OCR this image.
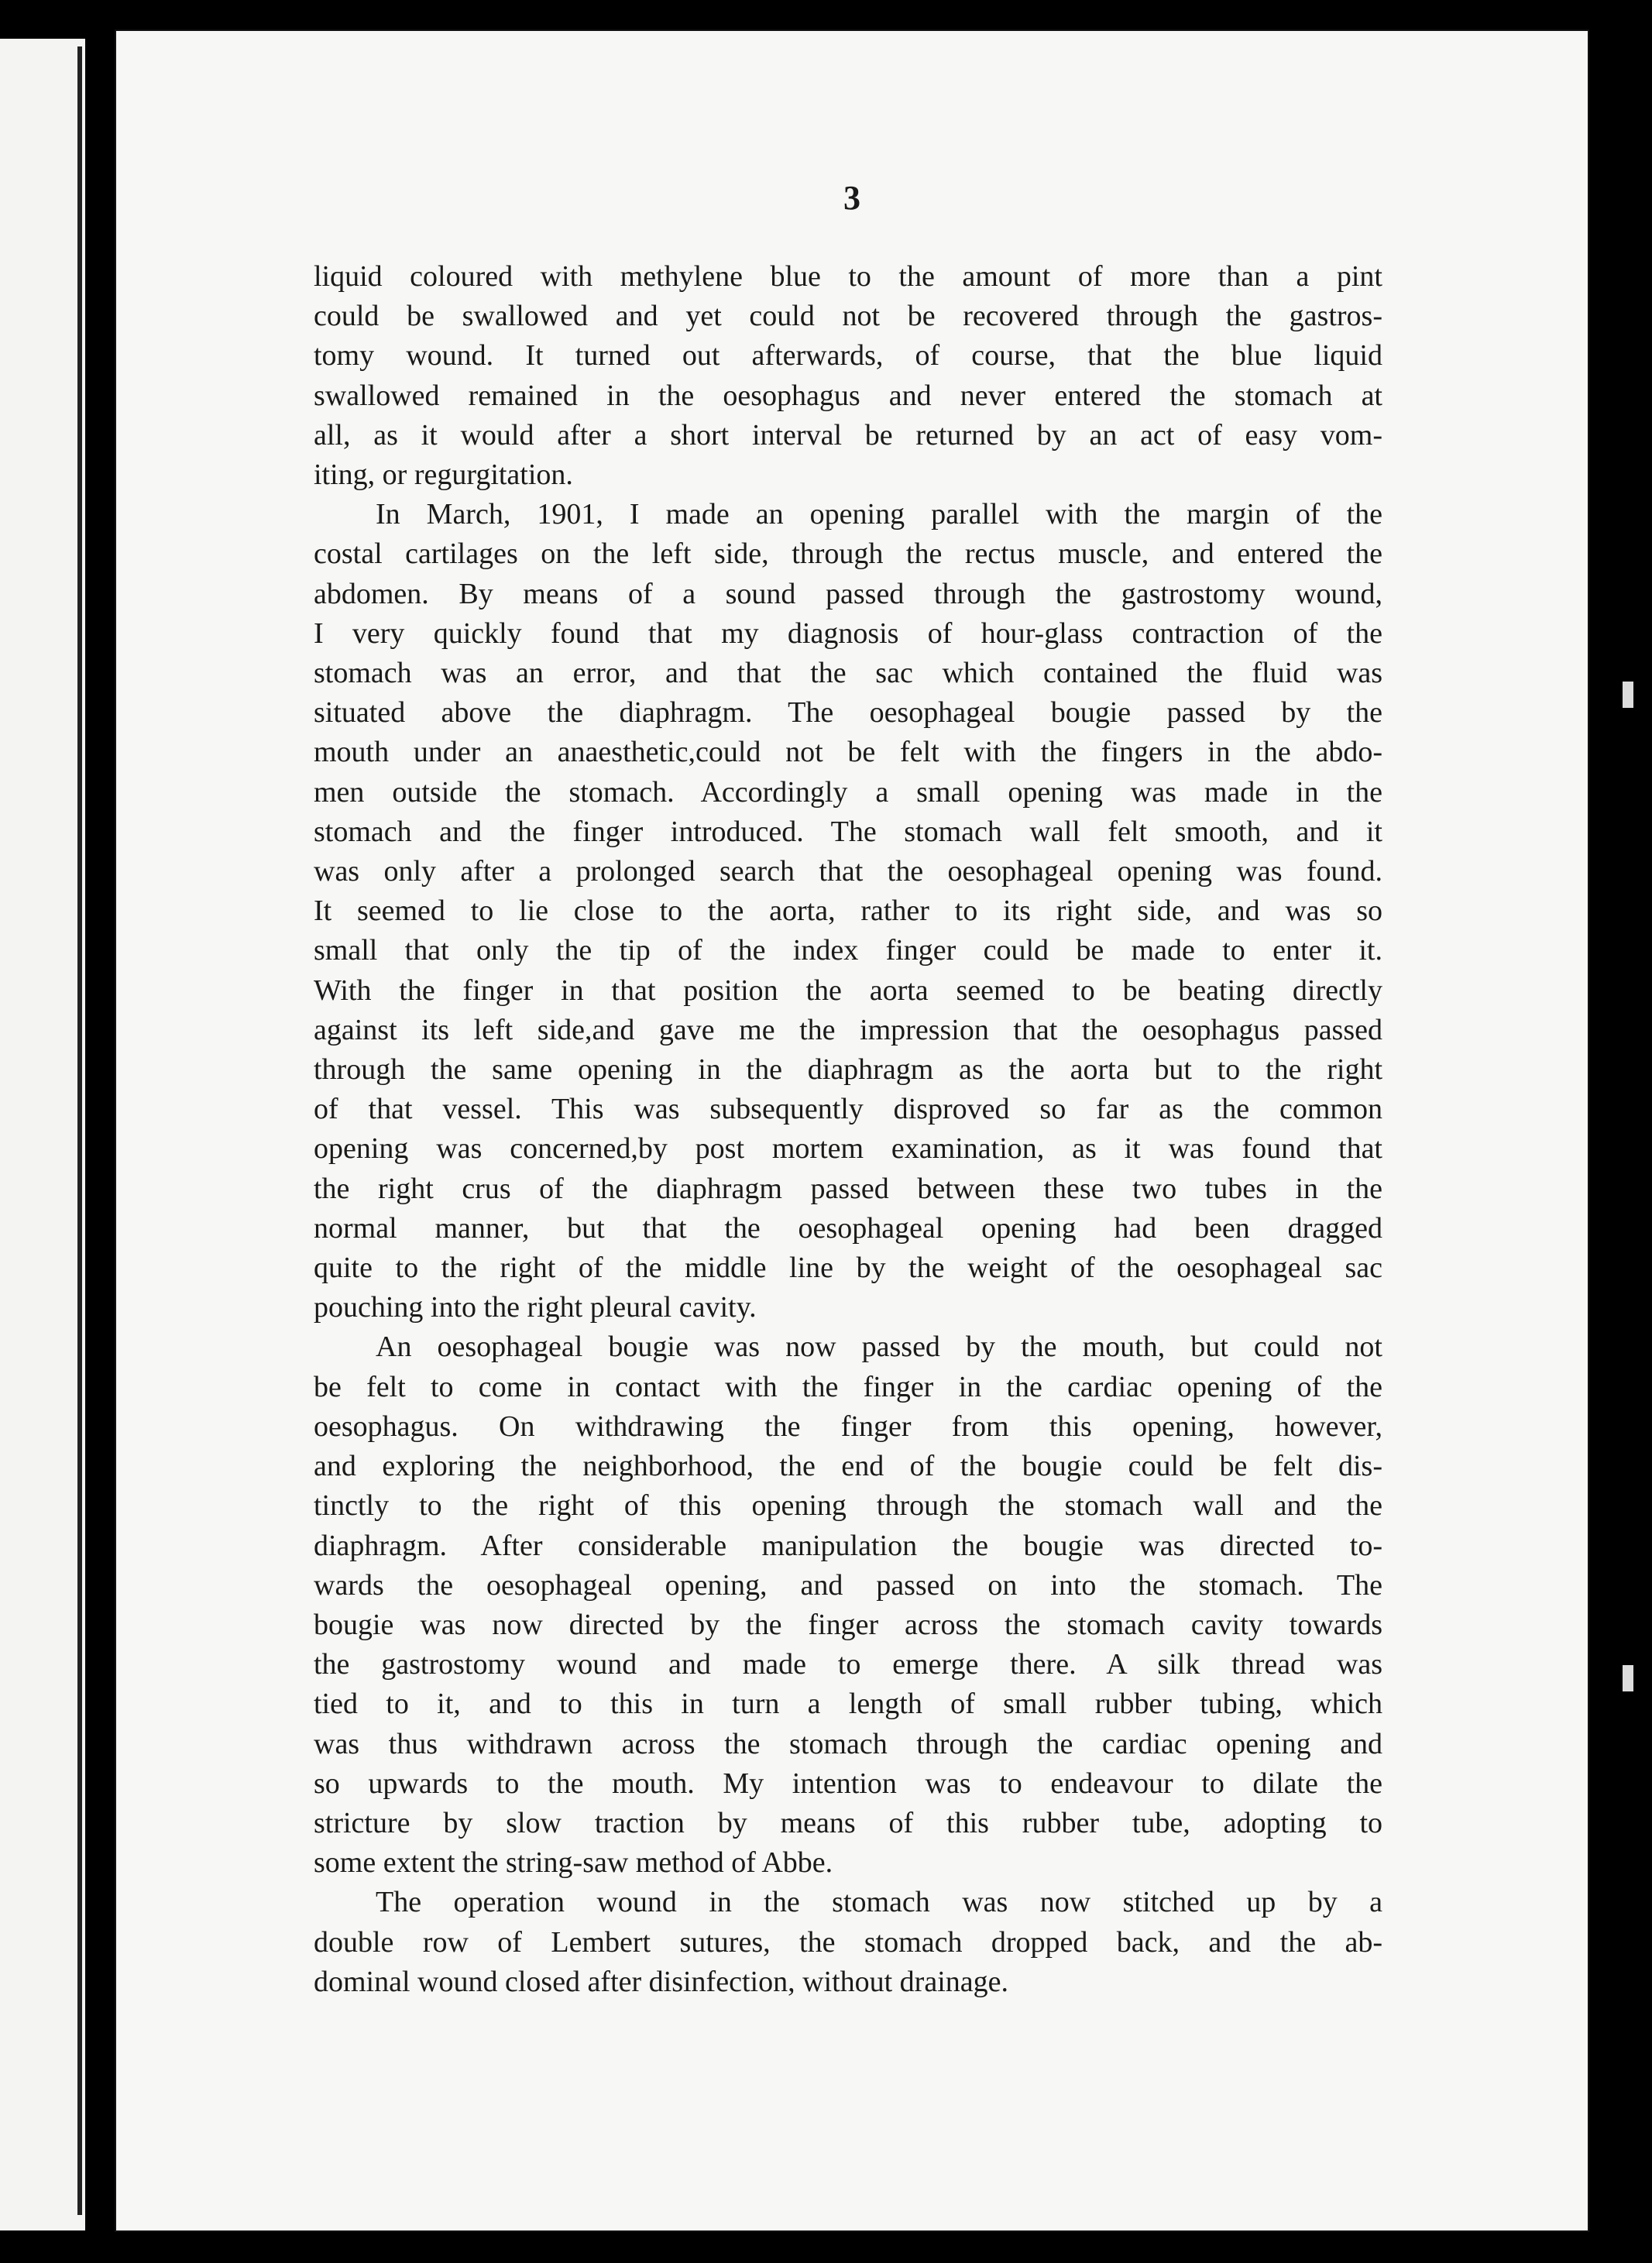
3
liquid coloured with methylene blue to the amount of more than a pint
could be swallowed and yet could not be recovered through the gastros-
tomy wound. It turned out afterwards, of course, that the blue liquid
swallowed remained in the oesophagus and never entered the stomach at
all, as it would after a short interval be returned by an act of easy vom-
iting, or regurgitation.
In March, 1901, I made an opening parallel with the margin of the
costal cartilages on the left side, through the rectus muscle, and entered the
abdomen. By means of a sound passed through the gastrostomy wound,
I very quickly found that my diagnosis of hour-glass contraction of the
stomach was an error, and that the sac which contained the fluid was
situated above the diaphragm. The oesophageal bougie passed by the
mouth under an anaesthetic,could not be felt with the fingers in the abdo-
men outside the stomach. Accordingly a small opening was made in the
stomach and the finger introduced. The stomach wall felt smooth, and it
was only after a prolonged search that the oesophageal opening was found.
It seemed to lie close to the aorta, rather to its right side, and was so
small that only the tip of the index finger could be made to enter it.
With the finger in that position the aorta seemed to be beating directly
against its left side,and gave me the impression that the oesophagus passed
through the same opening in the diaphragm as the aorta but to the right
of that vessel. This was subsequently disproved so far as the common
opening was concerned,by post mortem examination, as it was found that
the right crus of the diaphragm passed between these two tubes in the
normal manner, but that the oesophageal opening had been dragged
quite to the right of the middle line by the weight of the oesophageal sac
pouching into the right pleural cavity.
An oesophageal bougie was now passed by the mouth, but could not
be felt to come in contact with the finger in the cardiac opening of the
oesophagus. On withdrawing the finger from this opening, however,
and exploring the neighborhood, the end of the bougie could be felt dis-
tinctly to the right of this opening through the stomach wall and the
diaphragm. After considerable manipulation the bougie was directed to-
wards the oesophageal opening, and passed on into the stomach. The
bougie was now directed by the finger across the stomach cavity towards
the gastrostomy wound and made to emerge there. A silk thread was
tied to it, and to this in turn a length of small rubber tubing, which
was thus withdrawn across the stomach through the cardiac opening and
so upwards to the mouth. My intention was to endeavour to dilate the
stricture by slow traction by means of this rubber tube, adopting to
some extent the string-saw method of Abbe.
The operation wound in the stomach was now stitched up by a
double row of Lembert sutures, the stomach dropped back, and the ab-
dominal wound closed after disinfection, without drainage.
